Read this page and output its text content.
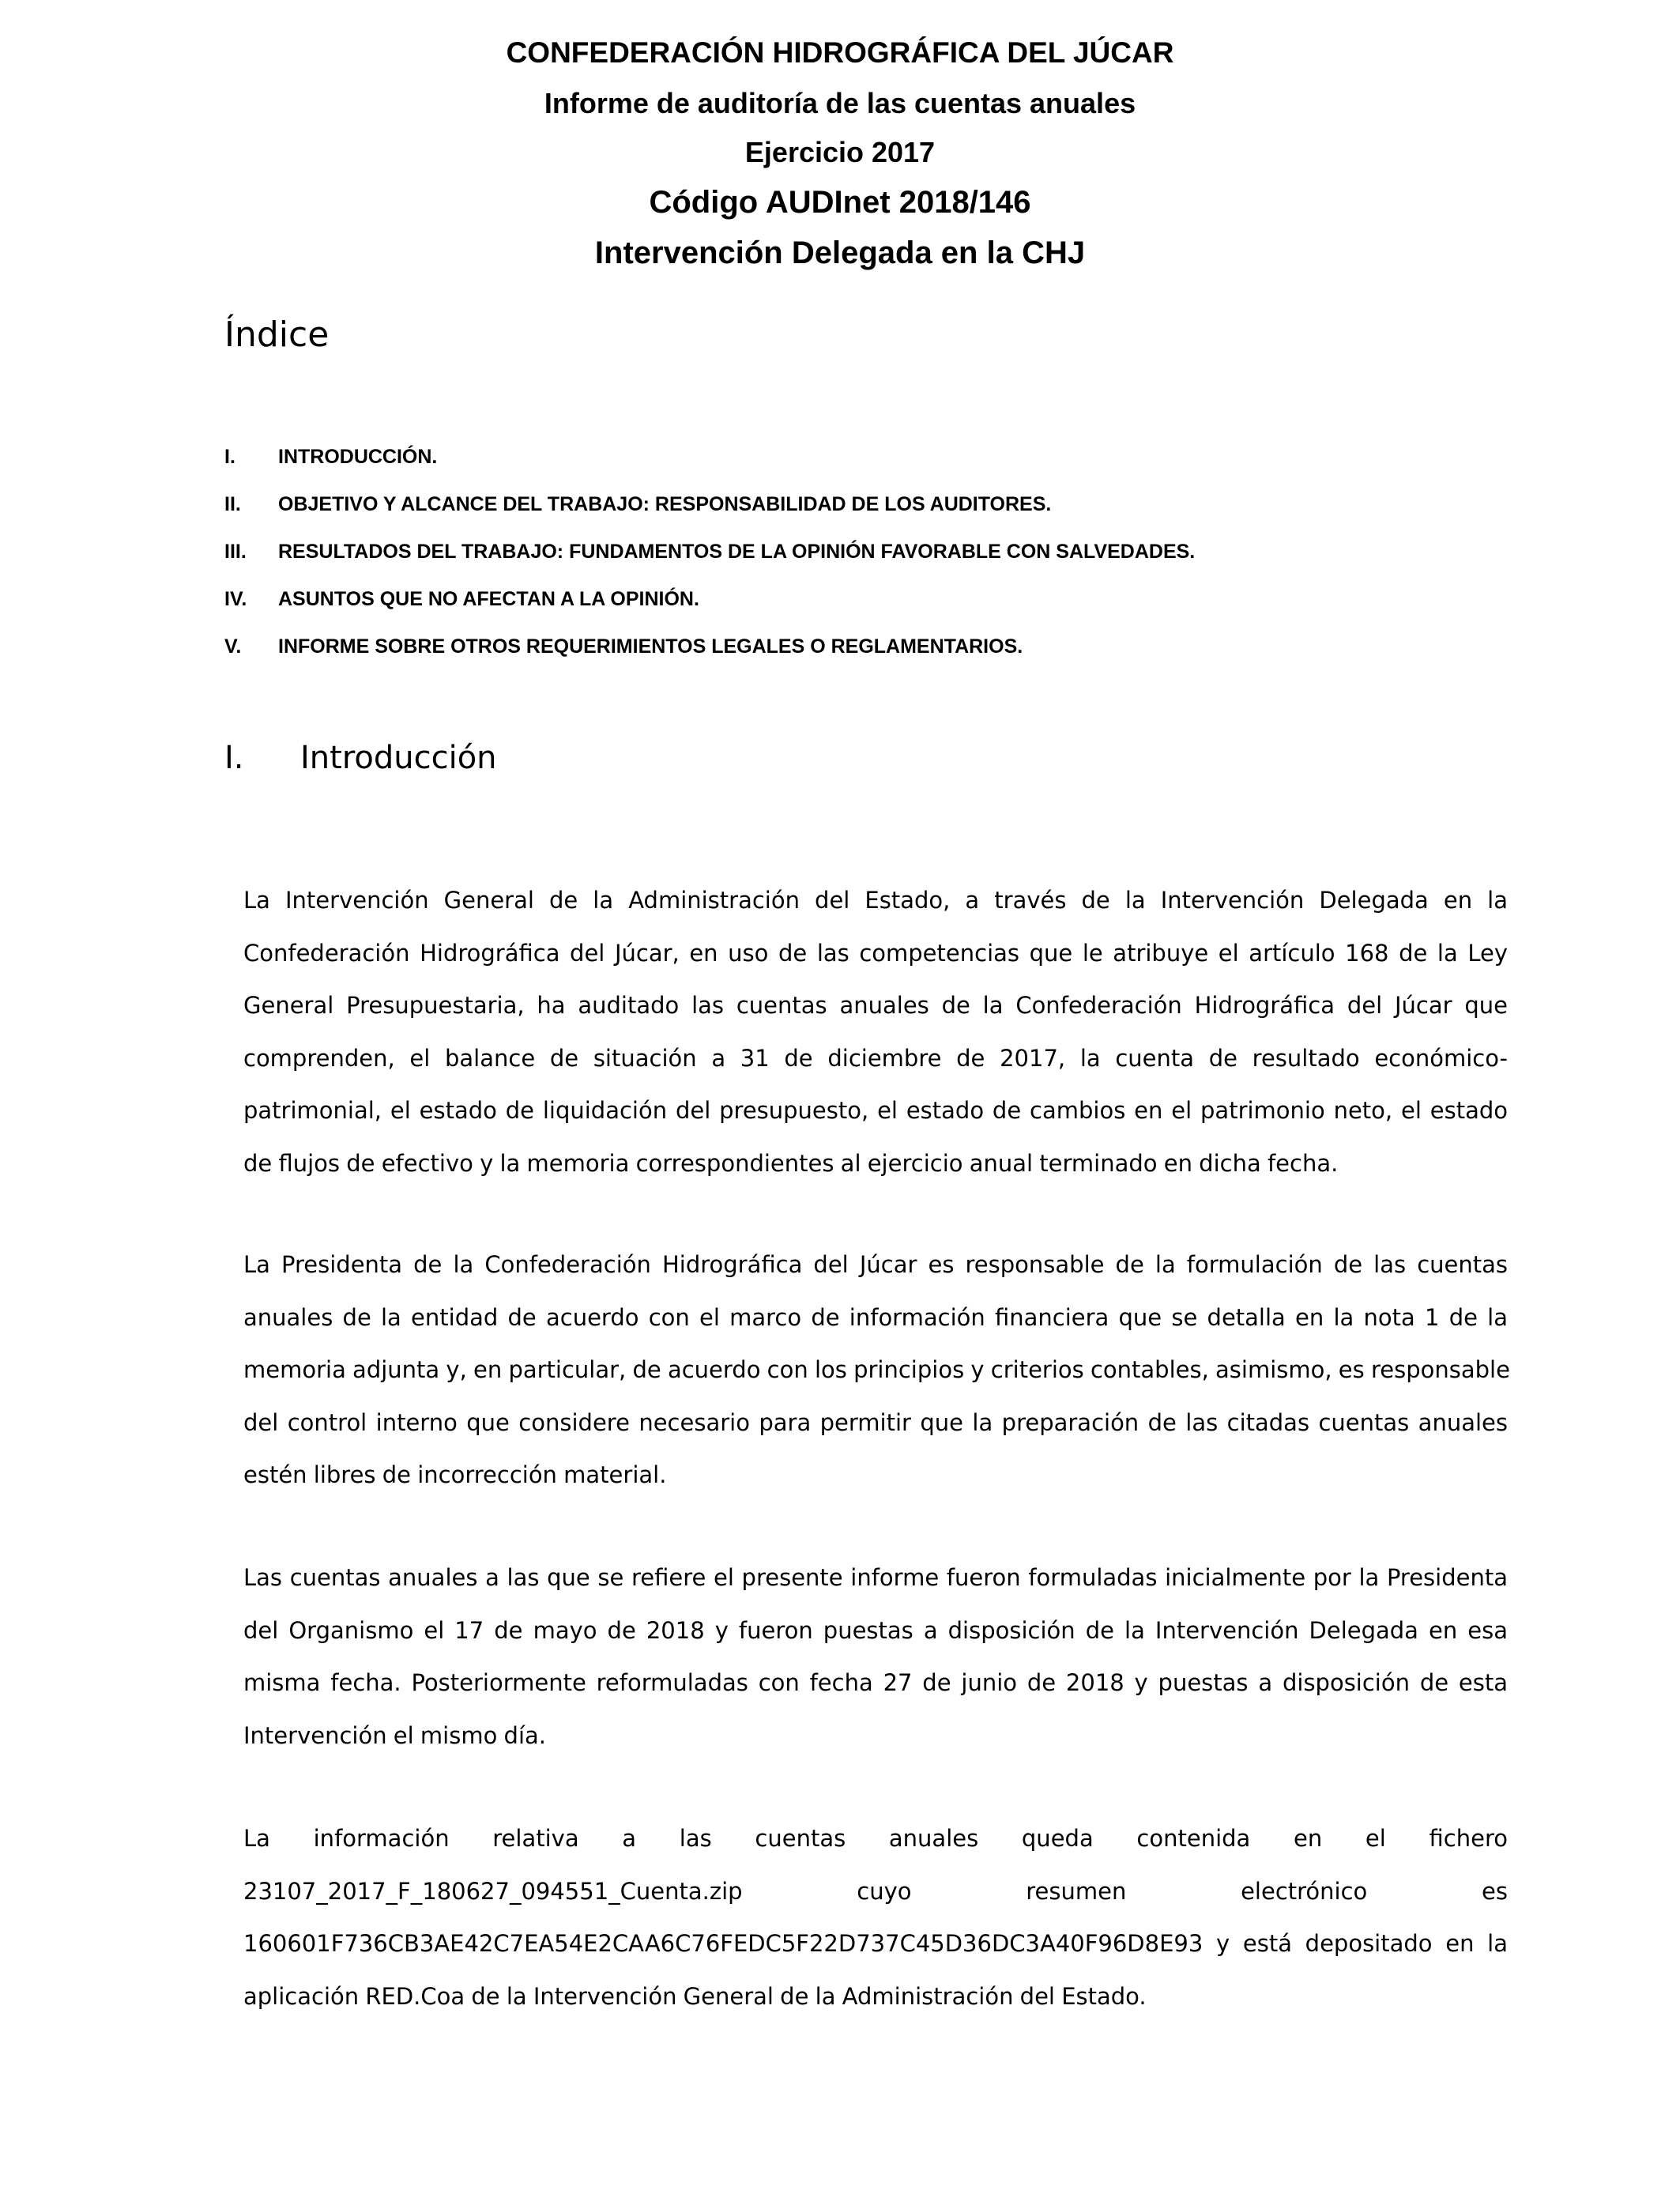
CONFEDERACIÓN HIDROGRÁFICA DEL JÚCAR
Informe de auditoría de las cuentas anuales
Ejercicio 2017
Código AUDInet 2018/146
Intervención Delegada en la CHJ
Índice
I. INTRODUCCIÓN.
II. OBJETIVO Y ALCANCE DEL TRABAJO: RESPONSABILIDAD DE LOS AUDITORES.
III. RESULTADOS DEL TRABAJO: FUNDAMENTOS DE LA OPINIÓN FAVORABLE CON SALVEDADES.
IV. ASUNTOS QUE NO AFECTAN A LA OPINIÓN.
V. INFORME SOBRE OTROS REQUERIMIENTOS LEGALES O REGLAMENTARIOS.
I. Introducción
La Intervención General de la Administración del Estado, a través de la Intervención Delegada en la
Confederación Hidrográfica del Júcar, en uso de las competencias que le atribuye el artículo 168 de la Ley
General Presupuestaria, ha auditado las cuentas anuales de la Confederación Hidrográfica del Júcar que
comprenden, el balance de situación a 31 de diciembre de 2017, la cuenta de resultado económico-
patrimonial, el estado de liquidación del presupuesto, el estado de cambios en el patrimonio neto, el estado
de flujos de efectivo y la memoria correspondientes al ejercicio anual terminado en dicha fecha.
La Presidenta de la Confederación Hidrográfica del Júcar es responsable de la formulación de las cuentas
anuales de la entidad de acuerdo con el marco de información financiera que se detalla en la nota 1 de la
memoria adjunta y, en particular, de acuerdo con los principios y criterios contables, asimismo, es responsable
del control interno que considere necesario para permitir que la preparación de las citadas cuentas anuales
estén libres de incorrección material.
Las cuentas anuales a las que se refiere el presente informe fueron formuladas inicialmente por la Presidenta
del Organismo el 17 de mayo de 2018 y fueron puestas a disposición de la Intervención Delegada en esa
misma fecha. Posteriormente reformuladas con fecha 27 de junio de 2018 y puestas a disposición de esta
Intervención el mismo día.
La información relativa a las cuentas anuales queda contenida en el fichero
23107_2017_F_180627_094551_Cuenta.zip cuyo resumen electrónico es
160601F736CB3AE42C7EA54E2CAA6C76FEDC5F22D737C45D36DC3A40F96D8E93 y está depositado en la
aplicación RED.Coa de la Intervención General de la Administración del Estado.
